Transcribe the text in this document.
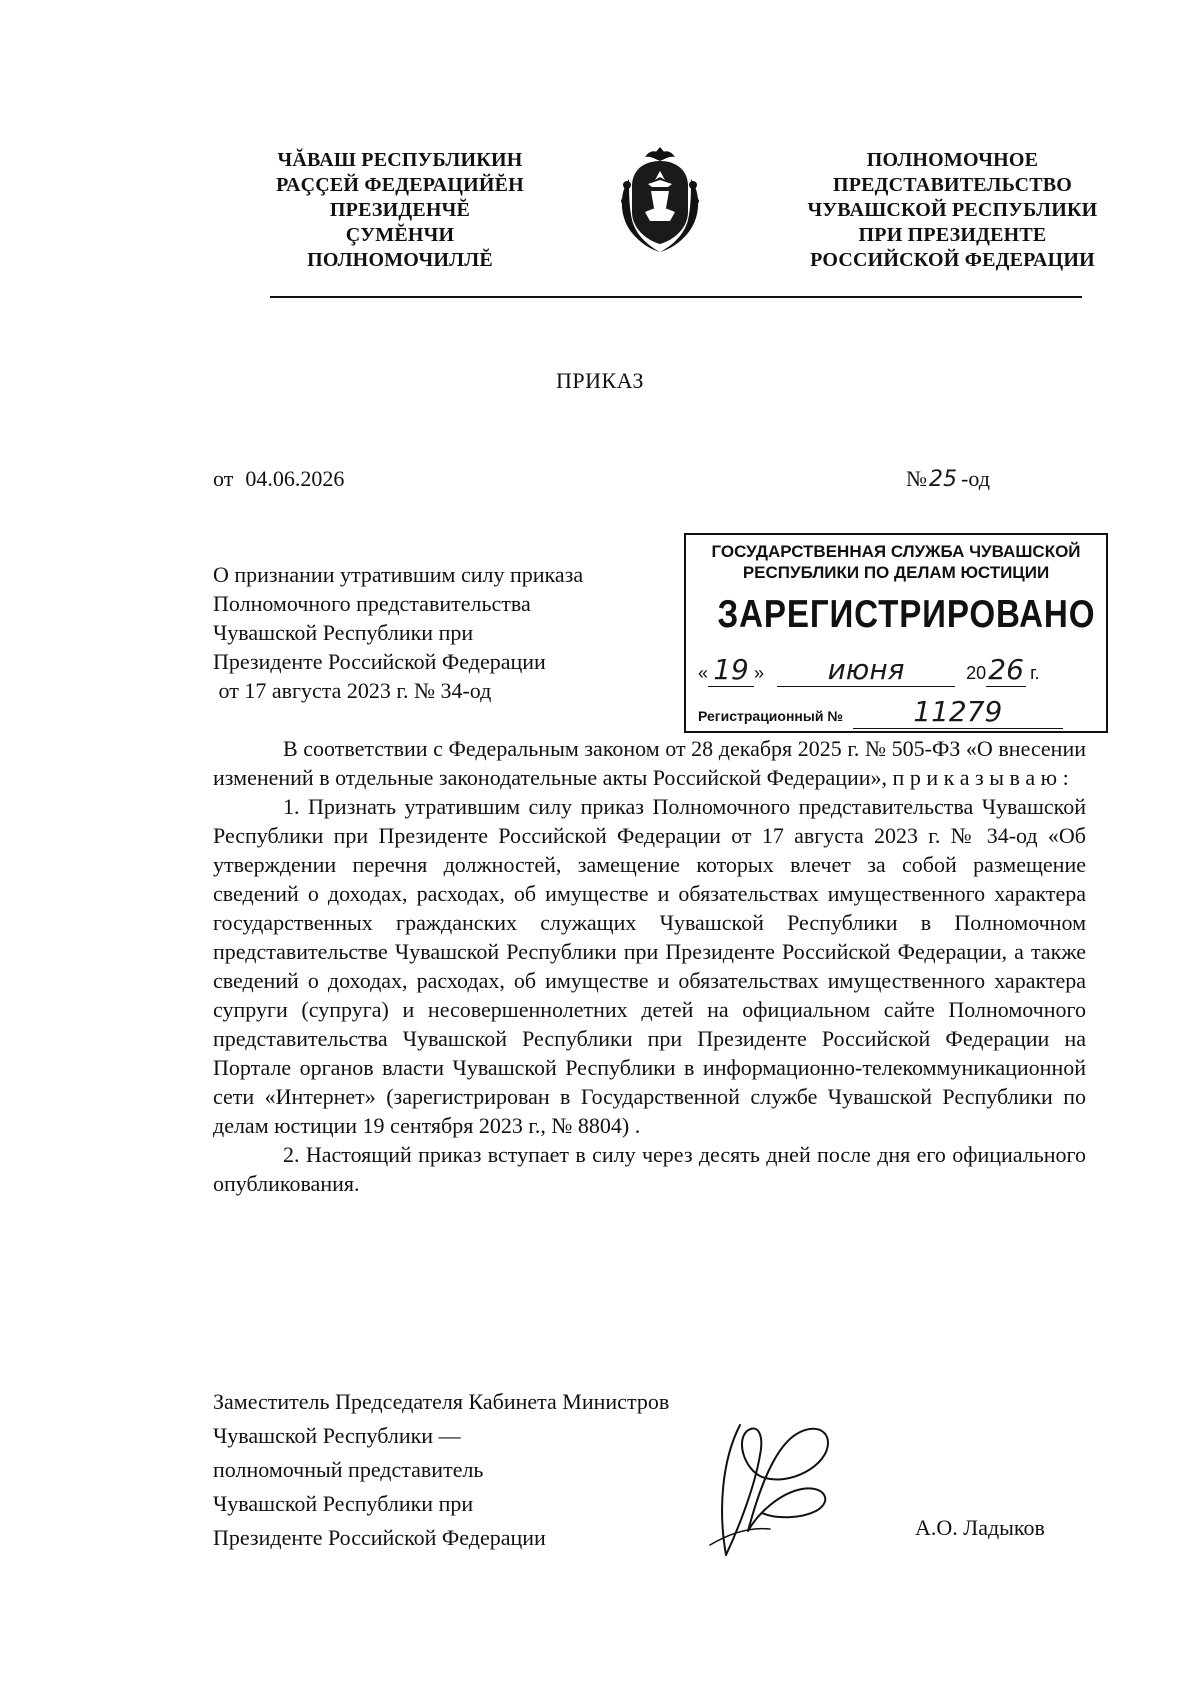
ЧĂВАШ РЕСПУБЛИКИН
РАÇÇЕЙ ФЕДЕРАЦИЙĔН
ПРЕЗИДЕНЧĔ
ÇУМĔНЧИ
ПОЛНОМОЧИЛЛĔ
ПОЛНОМОЧНОЕ
ПРЕДСТАВИТЕЛЬСТВО
ЧУВАШСКОЙ РЕСПУБЛИКИ
ПРИ ПРЕЗИДЕНТЕ
РОССИЙСКОЙ ФЕДЕРАЦИИ
ПРИКАЗ
от 04.06.2026	№25 -од
О признании утратившим силу приказа
Полномочного представительства
Чувашской Республики при
Президенте Российской Федерации
от 17 августа 2023 г. № 34-од
ГОСУДАРСТВЕННАЯ СЛУЖБА ЧУВАШСКОЙ
РЕСПУБЛИКИ ПО ДЕЛАМ ЮСТИЦИИ
ЗАРЕГИСТРИРОВАНО
« 19 » июня	2026 г.
Регистрационный №	11279

В соответствии с Федеральным законом от 28 декабря 2025 г. № 505-ФЗ «О внесении изменений в отдельные законодательные акты Российской Федерации», п р и к а з ы в а ю :

1. Признать утратившим силу приказ Полномочного представительства Чувашской Республики при Президенте Российской Федерации от 17 августа 2023 г. № 34-од «Об утверждении перечня должностей, замещение которых влечет за собой размещение сведений о доходах, расходах, об имуществе и обязательствах имущественного характера государственных гражданских служащих Чувашской Республики в Полномочном представительстве Чувашской Республики при Президенте Российской Федерации, а также сведений о доходах, расходах, об имуществе и обязательствах имущественного характера супруги (супруга) и несовершеннолетних детей на официальном сайте Полномочного представительства Чувашской Республики при Президенте Российской Федерации на Портале органов власти Чувашской Республики в информационно-телекоммуникационной сети «Интернет» (зарегистрирован в Государственной службе Чувашской Республики по делам юстиции 19 сентября 2023 г., № 8804) .

2. Настоящий приказ вступает в силу через десять дней после дня его официального опубликования.

Заместитель Председателя Кабинета Министров
Чувашской Республики —
полномочный представитель
Чувашской Республики при
Президенте Российской Федерации	А.О. Ладыков
